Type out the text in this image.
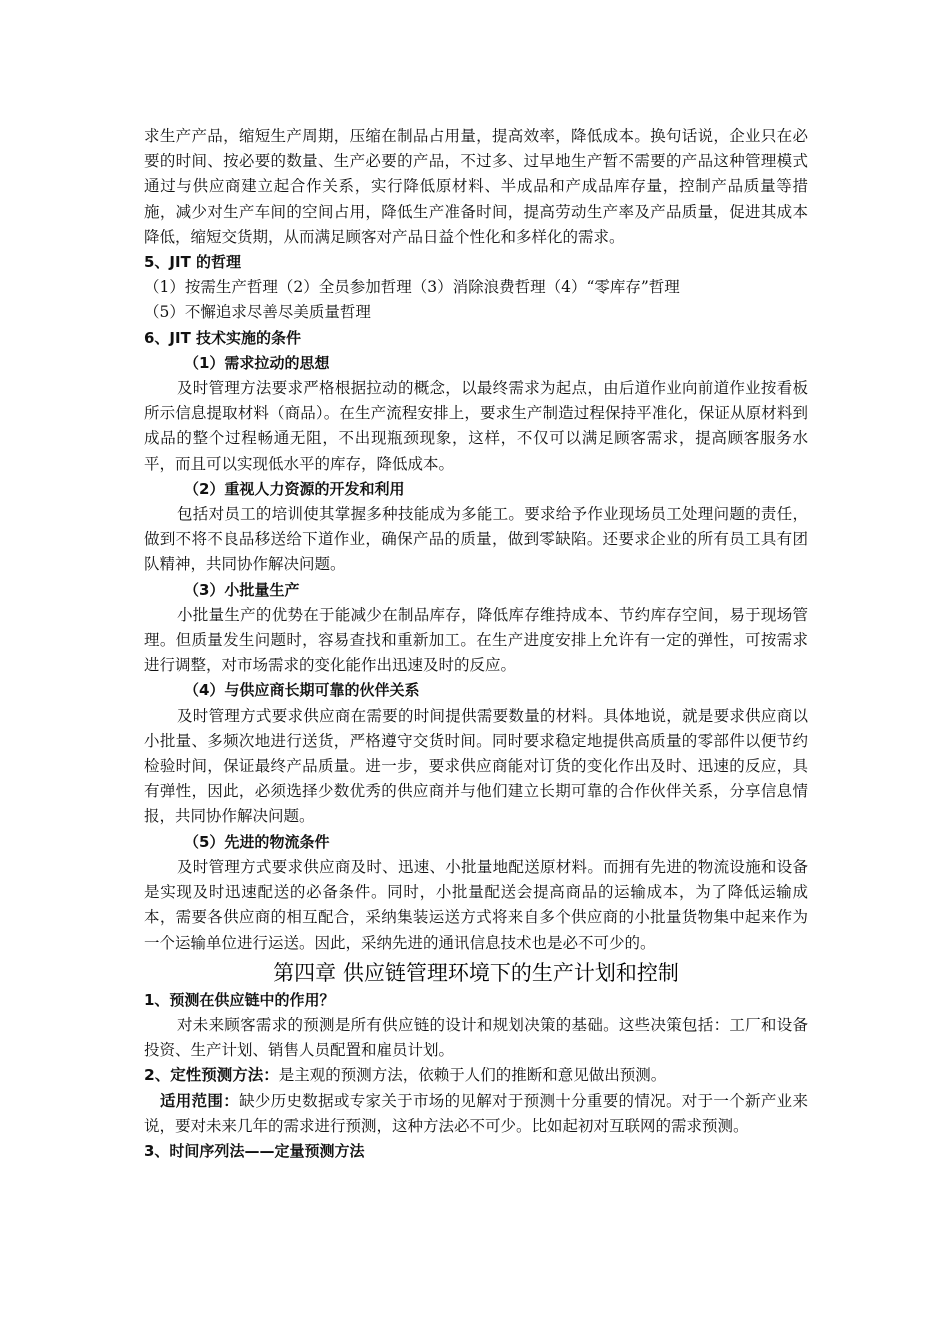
求生产产品，缩短生产周期，压缩在制品占用量，提高效率，降低成本。换句话说，企业只在必要的时间、按必要的数量、生产必要的产品，不过多、过早地生产暂不需要的产品这种管理模式通过与供应商建立起合作关系，实行降低原材料、半成品和产成品库存量，控制产品质量等措施，减少对生产车间的空间占用，降低生产准备时间，提高劳动生产率及产品质量，促进其成本降低，缩短交货期，从而满足顾客对产品日益个性化和多样化的需求。

5、JIT 的哲理

（1）按需生产哲理（2）全员参加哲理（3）消除浪费哲理（4）“零库存”哲理

（5）不懈追求尽善尽美质量哲理

6、JIT 技术实施的条件

（1）需求拉动的思想

及时管理方法要求严格根据拉动的概念，以最终需求为起点，由后道作业向前道作业按看板所示信息提取材料（商品）。在生产流程安排上，要求生产制造过程保持平准化，保证从原材料到成品的整个过程畅通无阻，不出现瓶颈现象，这样，不仅可以满足顾客需求，提高顾客服务水平，而且可以实现低水平的库存，降低成本。

（2）重视人力资源的开发和利用

包括对员工的培训使其掌握多种技能成为多能工。要求给予作业现场员工处理问题的责任，做到不将不良品移送给下道作业，确保产品的质量，做到零缺陷。还要求企业的所有员工具有团队精神，共同协作解决问题。

（3）小批量生产

小批量生产的优势在于能减少在制品库存，降低库存维持成本、节约库存空间，易于现场管理。但质量发生问题时，容易查找和重新加工。在生产进度安排上允许有一定的弹性，可按需求进行调整，对市场需求的变化能作出迅速及时的反应。

（4）与供应商长期可靠的伙伴关系

及时管理方式要求供应商在需要的时间提供需要数量的材料。具体地说，就是要求供应商以小批量、多频次地进行送货，严格遵守交货时间。同时要求稳定地提供高质量的零部件以便节约检验时间，保证最终产品质量。进一步，要求供应商能对订货的变化作出及时、迅速的反应，具有弹性，因此，必须选择少数优秀的供应商并与他们建立长期可靠的合作伙伴关系，分享信息情报，共同协作解决问题。

（5）先进的物流条件

及时管理方式要求供应商及时、迅速、小批量地配送原材料。而拥有先进的物流设施和设备是实现及时迅速配送的必备条件。同时，小批量配送会提高商品的运输成本，为了降低运输成本，需要各供应商的相互配合，采纳集装运送方式将来自多个供应商的小批量货物集中起来作为一个运输单位进行运送。因此，采纳先进的通讯信息技术也是必不可少的。

第四章 供应链管理环境下的生产计划和控制

1、预测在供应链中的作用？

对未来顾客需求的预测是所有供应链的设计和规划决策的基础。这些决策包括：工厂和设备投资、生产计划、销售人员配置和雇员计划。

2、定性预测方法：是主观的预测方法，依赖于人们的推断和意见做出预测。

适用范围：缺少历史数据或专家关于市场的见解对于预测十分重要的情况。对于一个新产业来说，要对未来几年的需求进行预测，这种方法必不可少。比如起初对互联网的需求预测。

3、时间序列法——定量预测方法
